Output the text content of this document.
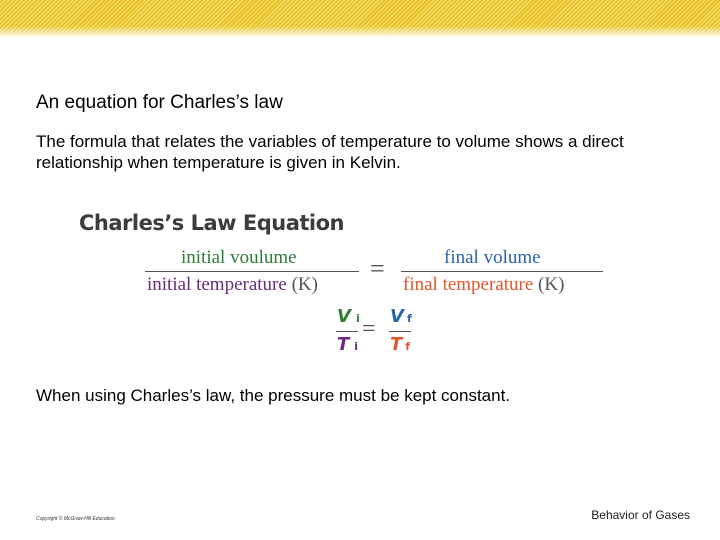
An equation for Charles’s law
The formula that relates the variables of temperature to volume shows a direct relationship when temperature is given in Kelvin.
Charles’s Law Equation
initial voulume
initial temperature (K)
=	final volume
final temperature (K)
Vi
Ti
= Vf
Tf
When using Charles’s law, the pressure must be kept constant.
Copyright © McGraw-Hill Education	Behavior of Gases
